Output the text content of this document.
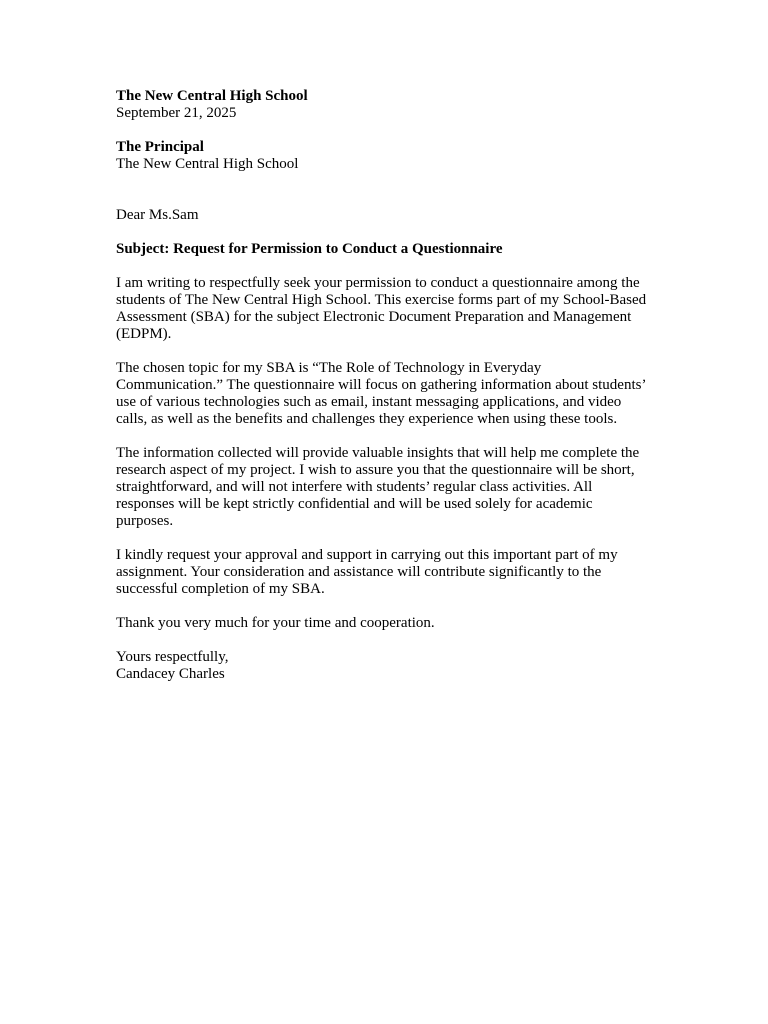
The New Central High School
September 21, 2025
The Principal
The New Central High School
Dear Ms.Sam
Subject: Request for Permission to Conduct a Questionnaire

I am writing to respectfully seek your permission to conduct a questionnaire among the students of The New Central High School. This exercise forms part of my School-Based Assessment (SBA) for the subject Electronic Document Preparation and Management (EDPM).

The chosen topic for my SBA is “The Role of Technology in Everyday Communication.” The questionnaire will focus on gathering information about students’ use of various technologies such as email, instant messaging applications, and video calls, as well as the benefits and challenges they experience when using these tools.

The information collected will provide valuable insights that will help me complete the research aspect of my project. I wish to assure you that the questionnaire will be short, straightforward, and will not interfere with students’ regular class activities. All responses will be kept strictly confidential and will be used solely for academic purposes.

I kindly request your approval and support in carrying out this important part of my assignment. Your consideration and assistance will contribute significantly to the successful completion of my SBA.

Thank you very much for your time and cooperation.

Yours respectfully,
Candacey Charles
